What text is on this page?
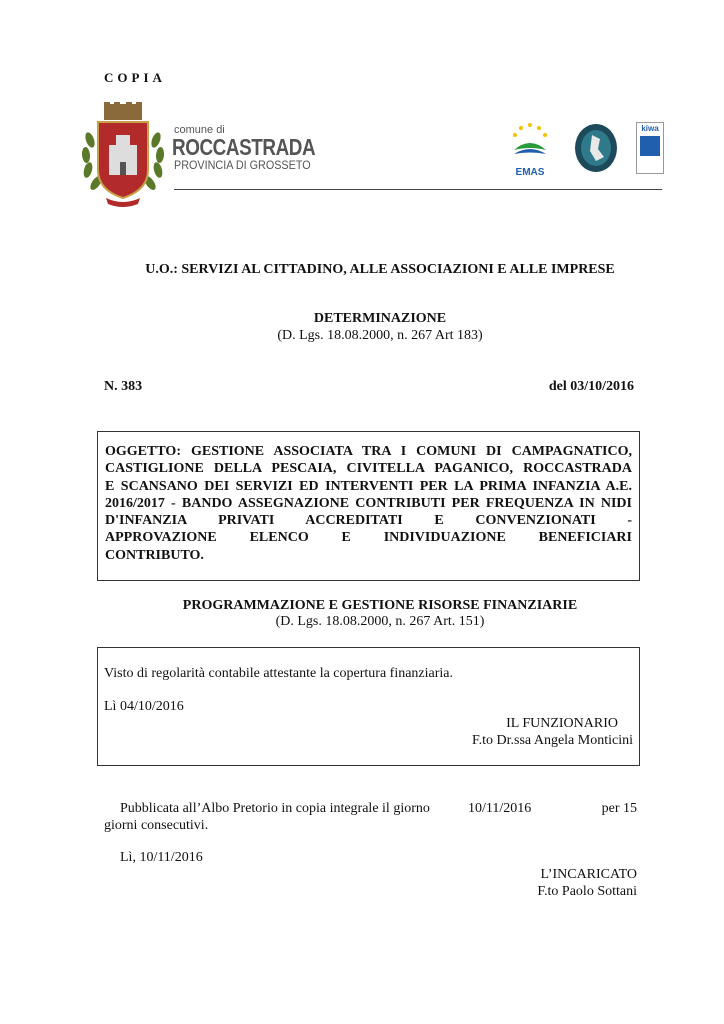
COPIA
comune di
ROCCASTRADA
PROVINCIA DI GROSSETO
EMAS
kiwa
U.O.: SERVIZI AL CITTADINO, ALLE ASSOCIAZIONI E ALLE IMPRESE
DETERMINAZIONE
(D. Lgs. 18.08.2000, n. 267 Art 183)
N. 383	del 03/10/2016

OGGETTO: GESTIONE ASSOCIATA TRA I COMUNI DI CAMPAGNATICO,

CASTIGLIONE DELLA PESCAIA, CIVITELLA PAGANICO, ROCCASTRADA

E SCANSANO DEI SERVIZI ED INTERVENTI PER LA PRIMA INFANZIA A.E.

2016/2017 - BANDO ASSEGNAZIONE CONTRIBUTI PER FREQUENZA IN NIDI

D'INFANZIA PRIVATI ACCREDITATI E CONVENZIONATI -

APPROVAZIONE ELENCO E INDIVIDUAZIONE BENEFICIARI

CONTRIBUTO.

PROGRAMMAZIONE E GESTIONE RISORSE FINANZIARIE
(D. Lgs. 18.08.2000, n. 267 Art. 151)
Visto di regolarità contabile attestante la copertura finanziaria.
Lì 04/10/2016
IL FUNZIONARIO
F.to Dr.ssa Angela Monticini
Pubblicata all’Albo Pretorio in copia integrale il giorno	10/11/2016	per 15
giorni consecutivi.
Lì, 10/11/2016
L’INCARICATO
F.to Paolo Sottani
